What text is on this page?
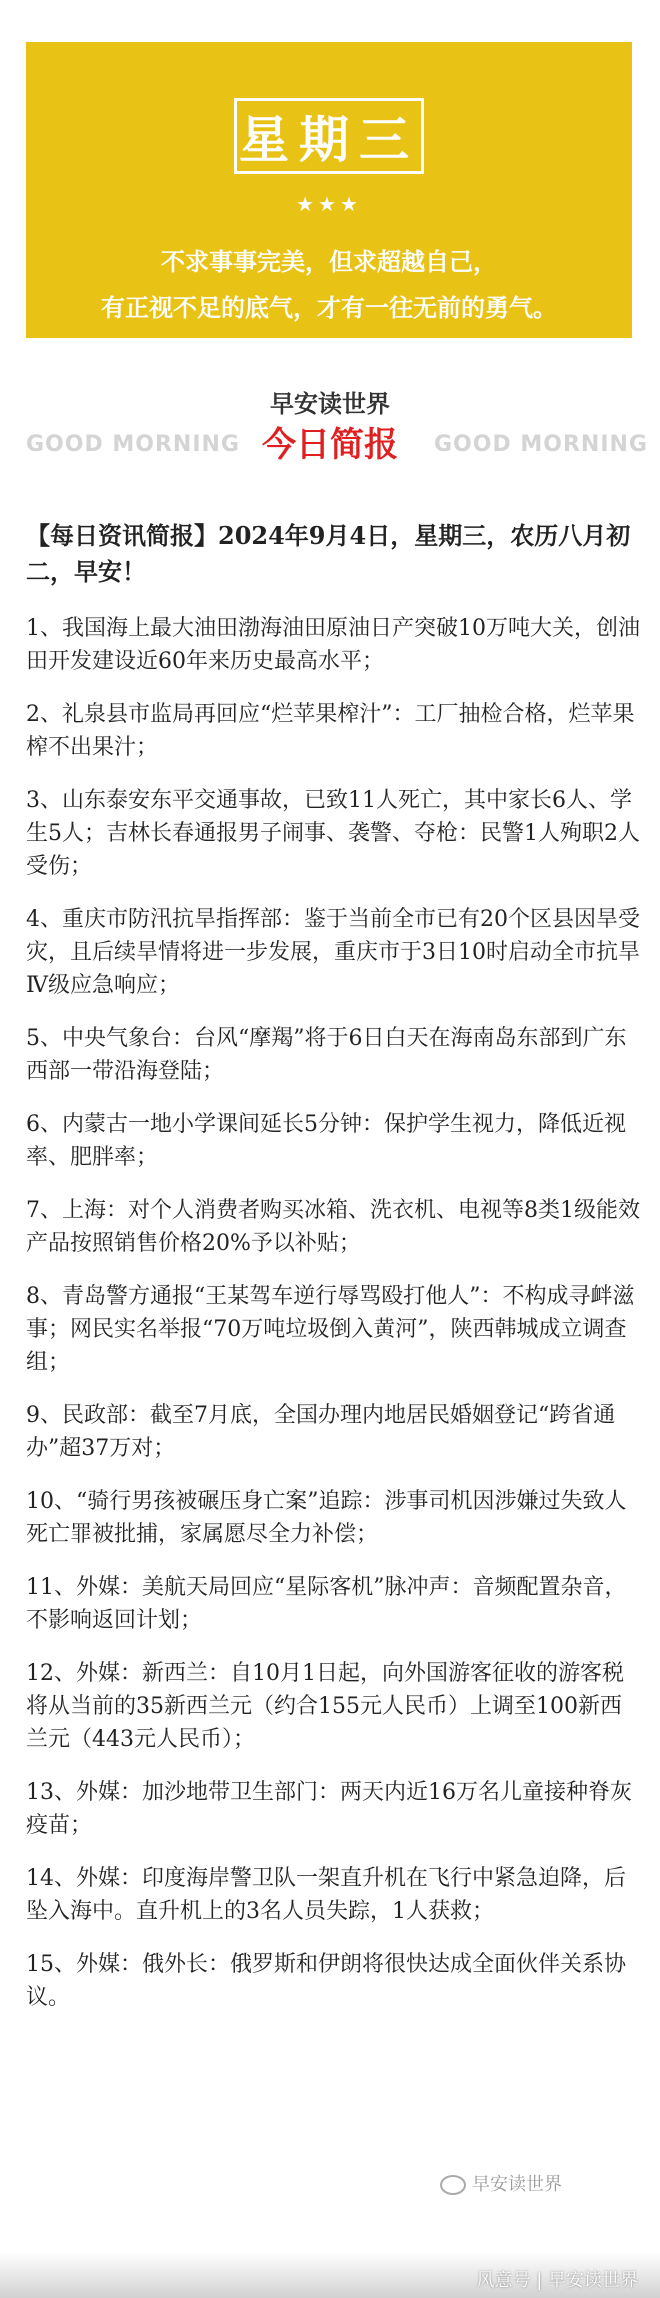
星期三
★★★
不求事事完美，但求超越自己，
有正视不足的底气，才有一往无前的勇气。
早安读世界
GOOD MORNING 今日简报	GOOD MORNING
【每日资讯简报】2024年9月4日，星期三，农历八月初二，早安！
1、我国海上最大油田渤海油田原油日产突破10万吨大关，创油田开发建设近60年来历史最高水平；
2、礼泉县市监局再回应“烂苹果榨汁”：工厂抽检合格，烂苹果榨不出果汁；
3、山东泰安东平交通事故，已致11人死亡，其中家长6人、学生5人；吉林长春通报男子闹事、袭警、夺枪：民警1人殉职2人受伤；
4、重庆市防汛抗旱指挥部：鉴于当前全市已有20个区县因旱受灾，且后续旱情将进一步发展，重庆市于3日10时启动全市抗旱Ⅳ级应急响应；
5、中央气象台：台风“摩羯”将于6日白天在海南岛东部到广东西部一带沿海登陆；
6、内蒙古一地小学课间延长5分钟：保护学生视力，降低近视率、肥胖率；
7、上海：对个人消费者购买冰箱、洗衣机、电视等8类1级能效产品按照销售价格20%予以补贴；
8、青岛警方通报“王某驾车逆行辱骂殴打他人”：不构成寻衅滋事；网民实名举报“70万吨垃圾倒入黄河”，陕西韩城成立调查组；
9、民政部：截至7月底，全国办理内地居民婚姻登记“跨省通办”超37万对；
10、“骑行男孩被碾压身亡案”追踪：涉事司机因涉嫌过失致人死亡罪被批捕，家属愿尽全力补偿；
11、外媒：美航天局回应“星际客机”脉冲声：音频配置杂音，不影响返回计划；
12、外媒：新西兰：自10月1日起，向外国游客征收的游客税将从当前的35新西兰元（约合155元人民币）上调至100新西兰元（443元人民币）；
13、外媒：加沙地带卫生部门：两天内近16万名儿童接种脊灰疫苗；
14、外媒：印度海岸警卫队一架直升机在飞行中紧急迫降，后坠入海中。直升机上的3名人员失踪，1人获救；
15、外媒：俄外长：俄罗斯和伊朗将很快达成全面伙伴关系协议。
早安读世界
风意号 | 早安读世界
